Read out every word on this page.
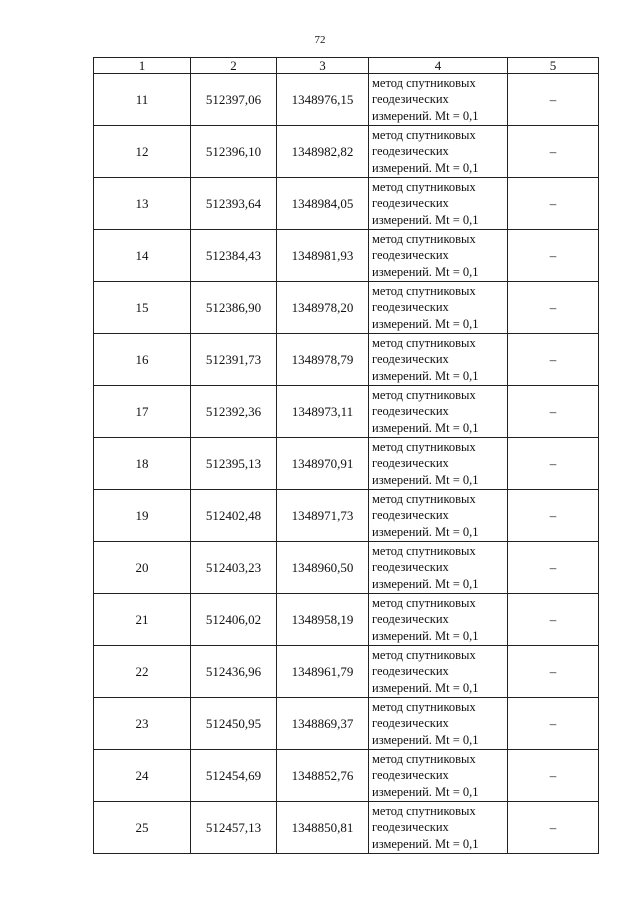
72
1	2	3	4	5
11	512397,06	1348976,15	метод спутниковых
геодезических
измерений. Mt = 0,1	–
12	512396,10	1348982,82	метод спутниковых
геодезических
измерений. Mt = 0,1	–
13	512393,64	1348984,05	метод спутниковых
геодезических
измерений. Mt = 0,1	–
14	512384,43	1348981,93	метод спутниковых
геодезических
измерений. Mt = 0,1	–
15	512386,90	1348978,20	метод спутниковых
геодезических
измерений. Mt = 0,1	–
16	512391,73	1348978,79	метод спутниковых
геодезических
измерений. Mt = 0,1	–
17	512392,36	1348973,11	метод спутниковых
геодезических
измерений. Mt = 0,1	–
18	512395,13	1348970,91	метод спутниковых
геодезических
измерений. Mt = 0,1	–
19	512402,48	1348971,73	метод спутниковых
геодезических
измерений. Mt = 0,1	–
20	512403,23	1348960,50	метод спутниковых
геодезических
измерений. Mt = 0,1	–
21	512406,02	1348958,19	метод спутниковых
геодезических
измерений. Mt = 0,1	–
22	512436,96	1348961,79	метод спутниковых
геодезических
измерений. Mt = 0,1	–
23	512450,95	1348869,37	метод спутниковых
геодезических
измерений. Mt = 0,1	–
24	512454,69	1348852,76	метод спутниковых
геодезических
измерений. Mt = 0,1	–
25	512457,13	1348850,81	метод спутниковых
геодезических
измерений. Mt = 0,1	–
